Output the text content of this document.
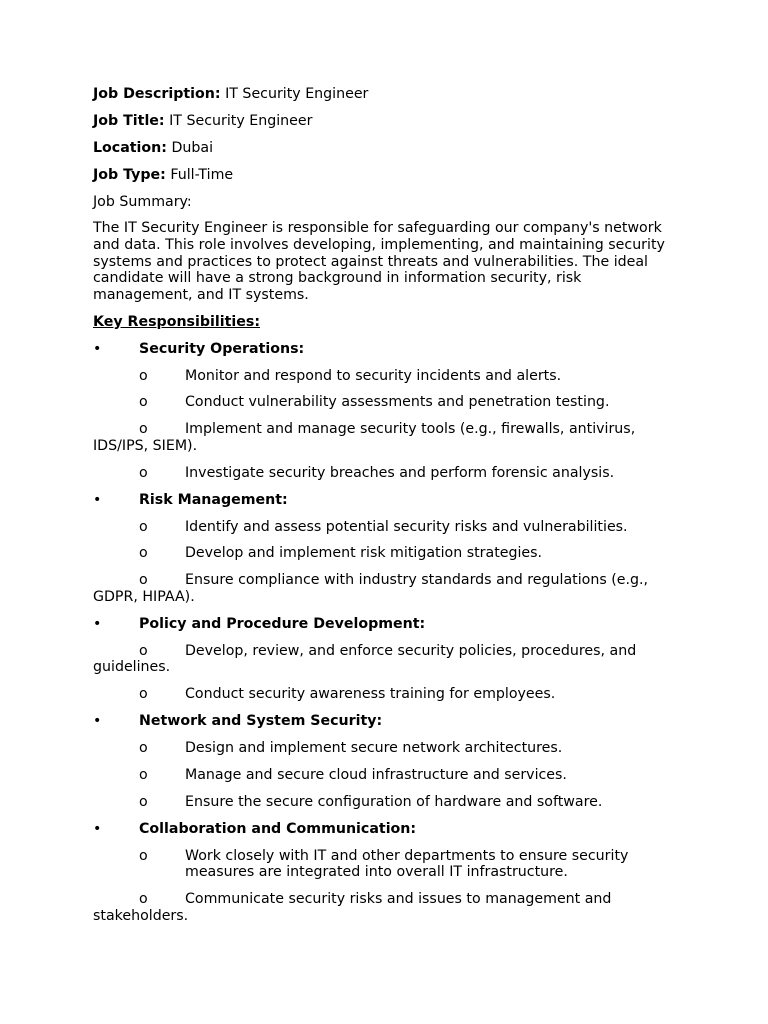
Job Description: IT Security Engineer

Job Title: IT Security Engineer

Location: Dubai

Job Type: Full-Time

Job Summary:

The IT Security Engineer is responsible for safeguarding our company's network and data. This role involves developing, implementing, and maintaining security systems and practices to protect against threats and vulnerabilities. The ideal candidate will have a strong background in information security, risk management, and IT systems.

Key Responsibilities:

•	Security Operations:

o	Monitor and respond to security incidents and alerts.

o	Conduct vulnerability assessments and penetration testing.

o	Implement and manage security tools (e.g., firewalls, antivirus, IDS/IPS, SIEM).

o	Investigate security breaches and perform forensic analysis.

•	Risk Management:

o	Identify and assess potential security risks and vulnerabilities.

o	Develop and implement risk mitigation strategies.

o	Ensure compliance with industry standards and regulations (e.g., GDPR, HIPAA).

•	Policy and Procedure Development:

o	Develop, review, and enforce security policies, procedures, and guidelines.

o	Conduct security awareness training for employees.

•	Network and System Security:

o	Design and implement secure network architectures.

o	Manage and secure cloud infrastructure and services.

o	Ensure the secure configuration of hardware and software.

•	Collaboration and Communication:
o	Work closely with IT and other departments to ensure security measures are integrated into overall IT infrastructure.

o	Communicate security risks and issues to management and stakeholders.
